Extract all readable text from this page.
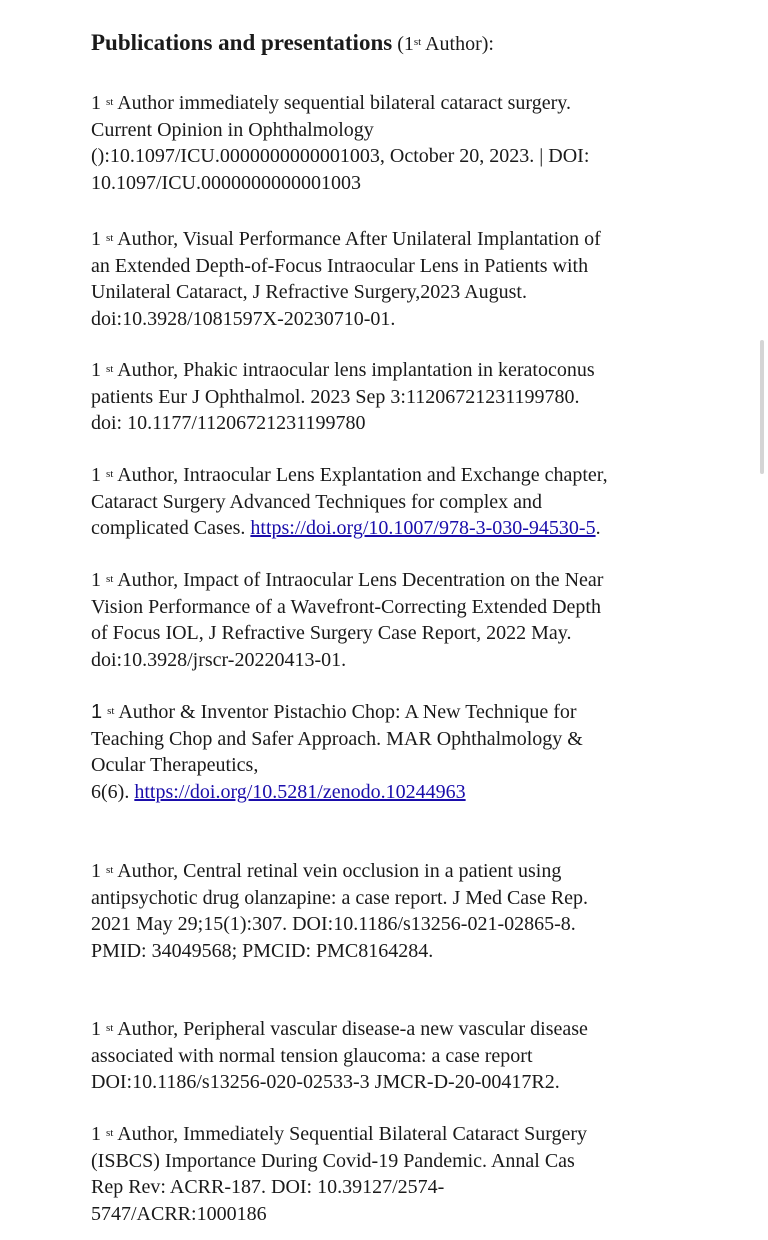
Publications and presentations (1st Author):

1 $^{st}$ Author immediately sequential bilateral cataract surgery.
Current Opinion in Ophthalmology
():10.1097/ICU.0000000000001003, October 20, 2023. | DOI:
10.1097/ICU.0000000000001003

1 $^{st}$ Author, Visual Performance After Unilateral Implantation of
an Extended Depth-of-Focus Intraocular Lens in Patients with
Unilateral Cataract, J Refractive Surgery,2023 August.
doi:10.3928/1081597X-20230710-01.

1 $^{st}$ Author, Phakic intraocular lens implantation in keratoconus
patients Eur J Ophthalmol. 2023 Sep 3:11206721231199780.
doi: 10.1177/11206721231199780

1 $^{st}$ Author, Intraocular Lens Explantation and Exchange chapter,
Cataract Surgery Advanced Techniques for complex and
complicated Cases. https://doi.org/10.1007/978-3-030-94530-5.

1 $^{st}$ Author, Impact of Intraocular Lens Decentration on the Near
Vision Performance of a Wavefront-Correcting Extended Depth
of Focus IOL, J Refractive Surgery Case Report, 2022 May.
doi:10.3928/jrscr-20220413-01.

1 $^{st}$ Author & Inventor Pistachio Chop: A New Technique for
Teaching Chop and Safer Approach. MAR Ophthalmology &
Ocular Therapeutics,
6(6). https://doi.org/10.5281/zenodo.10244963

1 $^{st}$ Author, Central retinal vein occlusion in a patient using
antipsychotic drug olanzapine: a case report. J Med Case Rep.
2021 May 29;15(1):307. DOI:10.1186/s13256-021-02865-8.
PMID: 34049568; PMCID: PMC8164284.

1 $^{st}$ Author, Peripheral vascular disease-a new vascular disease
associated with normal tension glaucoma: a case report
DOI:10.1186/s13256-020-02533-3 JMCR-D-20-00417R2.

1 $^{st}$ Author, Immediately Sequential Bilateral Cataract Surgery
(ISBCS) Importance During Covid-19 Pandemic. Annal Cas
Rep Rev: ACRR-187. DOI: 10.39127/2574-
5747/ACRR:1000186
